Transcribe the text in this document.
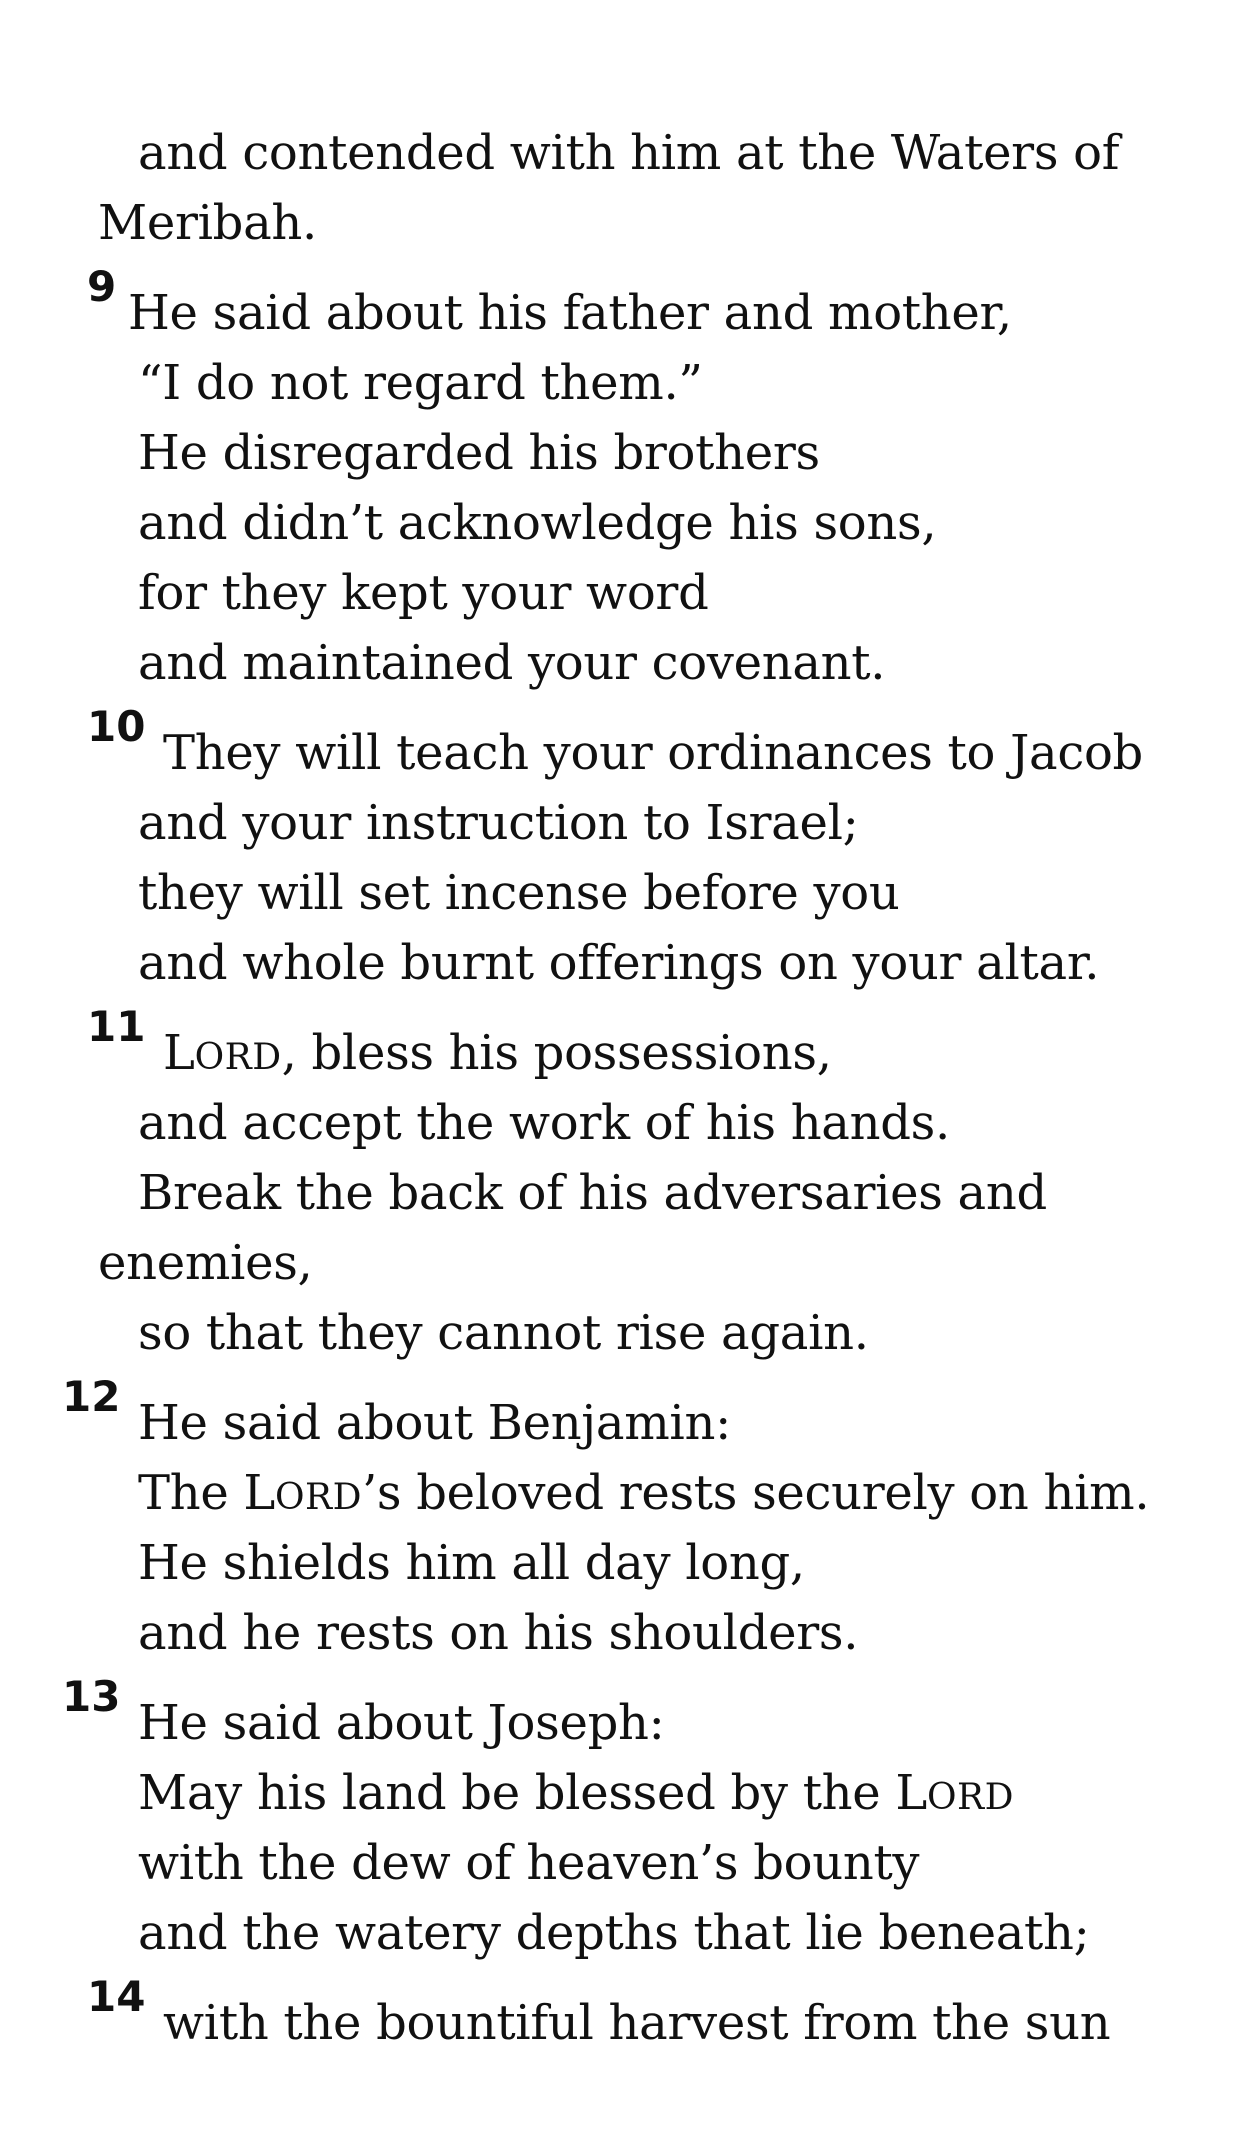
and contended with him at the Waters of
Meribah.
9 He said about his father and mother,
“I do not regard them.”
He disregarded his brothers
and didn’t acknowledge his sons,
for they kept your word
and maintained your covenant.
10 They will teach your ordinances to Jacob
and your instruction to Israel;
they will set incense before you
and whole burnt offerings on your altar.
11 LORD, bless his possessions,
and accept the work of his hands.
Break the back of his adversaries and
enemies,
so that they cannot rise again.
12 He said about Benjamin:
The LORD’s beloved rests securely on him.
He shields him all day long,
and he rests on his shoulders.
13 He said about Joseph:
May his land be blessed by the LORD
with the dew of heaven’s bounty
and the watery depths that lie beneath;
14 with the bountiful harvest from the sun
